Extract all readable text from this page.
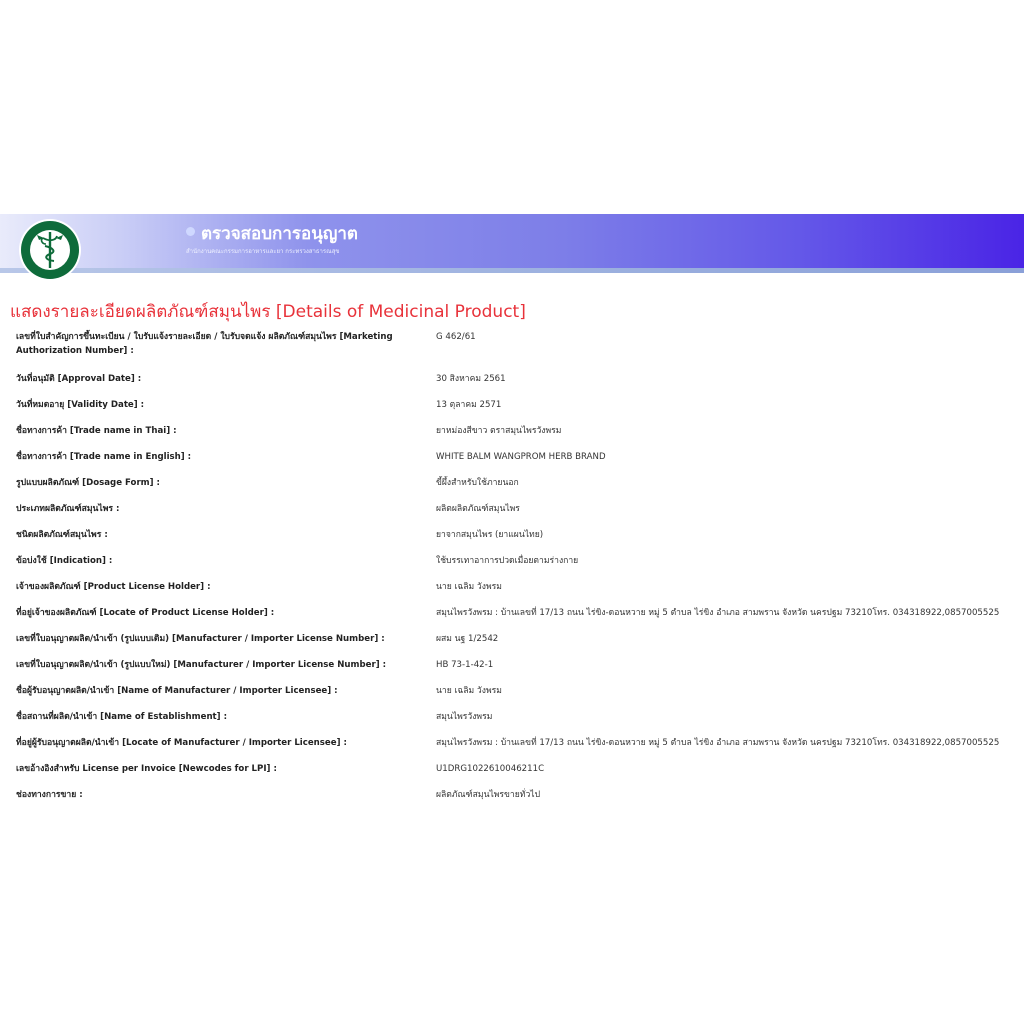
ตรวจสอบการอนุญาต
สำนักงานคณะกรรมการอาหารและยา กระทรวงสาธารณสุข
แสดงรายละเอียดผลิตภัณฑ์สมุนไพร [Details of Medicinal Product]
เลขที่ใบสำคัญการขึ้นทะเบียน / ใบรับแจ้งรายละเอียด / ใบรับจดแจ้ง ผลิตภัณฑ์สมุนไพร [Marketing Authorization Number] :
G 462/61
วันที่อนุมัติ [Approval Date] :	30 สิงหาคม 2561
วันที่หมดอายุ [Validity Date] :	13 ตุลาคม 2571
ชื่อทางการค้า [Trade name in Thai] :	ยาหม่องสีขาว ตราสมุนไพรวังพรม
ชื่อทางการค้า [Trade name in English] :	WHITE BALM WANGPROM HERB BRAND
รูปแบบผลิตภัณฑ์ [Dosage Form] :	ขี้ผึ้งสำหรับใช้ภายนอก
ประเภทผลิตภัณฑ์สมุนไพร :	ผลิตผลิตภัณฑ์สมุนไพร
ชนิดผลิตภัณฑ์สมุนไพร :	ยาจากสมุนไพร (ยาแผนไทย)
ข้อบ่งใช้ [Indication] :	ใช้บรรเทาอาการปวดเมื่อยตามร่างกาย
เจ้าของผลิตภัณฑ์ [Product License Holder] :	นาย เฉลิม วังพรม
ที่อยู่เจ้าของผลิตภัณฑ์ [Locate of Product License Holder] :	สมุนไพรวังพรม : บ้านเลขที่ 17/13 ถนน ไร่ขิง-ดอนหวาย หมู่ 5 ตำบล ไร่ขิง อำเภอ สามพราน จังหวัด นครปฐม 73210โทร. 034318922,0857005525
เลขที่ใบอนุญาตผลิต/นำเข้า (รูปแบบเดิม) [Manufacturer / Importer License Number] :	ผสม นฐ 1/2542
เลขที่ใบอนุญาตผลิต/นำเข้า (รูปแบบใหม่) [Manufacturer / Importer License Number] :	HB 73-1-42-1
ชื่อผู้รับอนุญาตผลิต/นำเข้า [Name of Manufacturer / Importer Licensee] :	นาย เฉลิม วังพรม
ชื่อสถานที่ผลิต/นำเข้า [Name of Establishment] :	สมุนไพรวังพรม
ที่อยู่ผู้รับอนุญาตผลิต/นำเข้า [Locate of Manufacturer / Importer Licensee] :	สมุนไพรวังพรม : บ้านเลขที่ 17/13 ถนน ไร่ขิง-ดอนหวาย หมู่ 5 ตำบล ไร่ขิง อำเภอ สามพราน จังหวัด นครปฐม 73210โทร. 034318922,0857005525
เลขอ้างอิงสำหรับ License per Invoice [Newcodes for LPI] :	U1DRG1022610046211C
ช่องทางการขาย :	ผลิตภัณฑ์สมุนไพรขายทั่วไป
